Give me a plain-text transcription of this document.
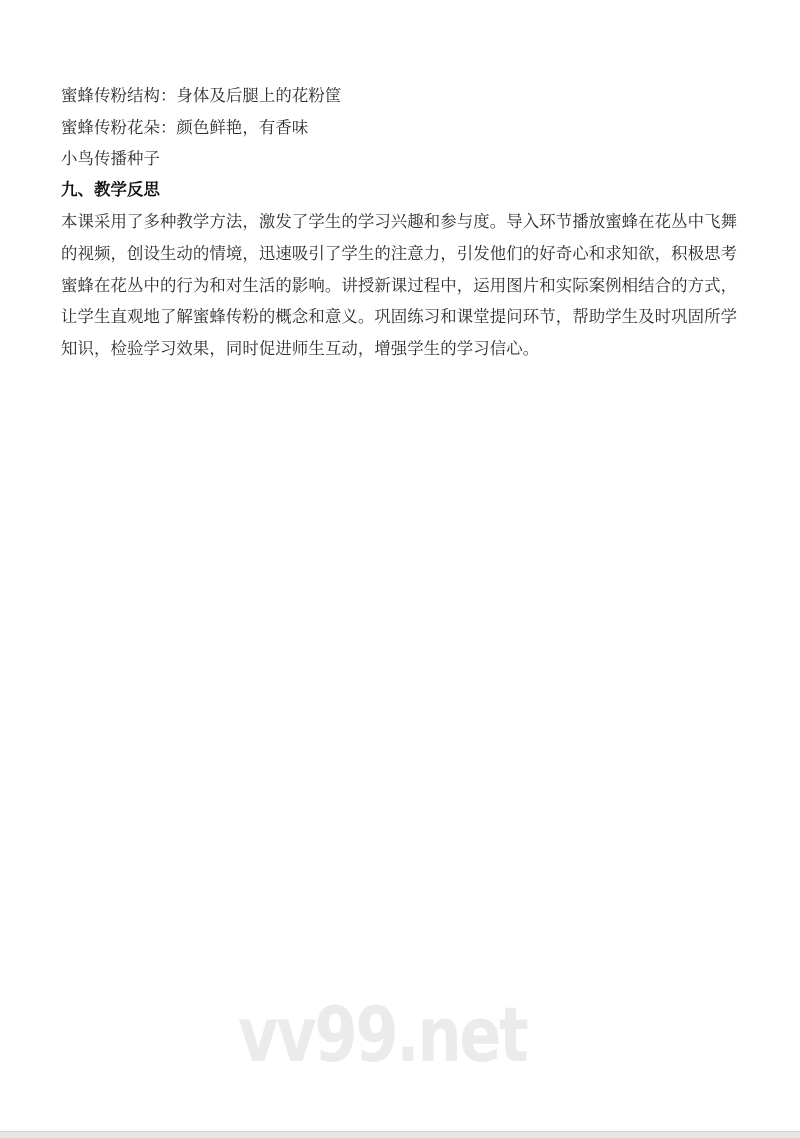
蜜蜂传粉结构：身体及后腿上的花粉筐
蜜蜂传粉花朵：颜色鲜艳，有香味
小鸟传播种子
九、教学反思
本课采用了多种教学方法，激发了学生的学习兴趣和参与度。导入环节播放蜜蜂在花丛中飞舞
的视频，创设生动的情境，迅速吸引了学生的注意力，引发他们的好奇心和求知欲，积极思考
蜜蜂在花丛中的行为和对生活的影响。讲授新课过程中，运用图片和实际案例相结合的方式，
让学生直观地了解蜜蜂传粉的概念和意义。巩固练习和课堂提问环节，帮助学生及时巩固所学
知识，检验学习效果，同时促进师生互动，增强学生的学习信心。
vv99.net
